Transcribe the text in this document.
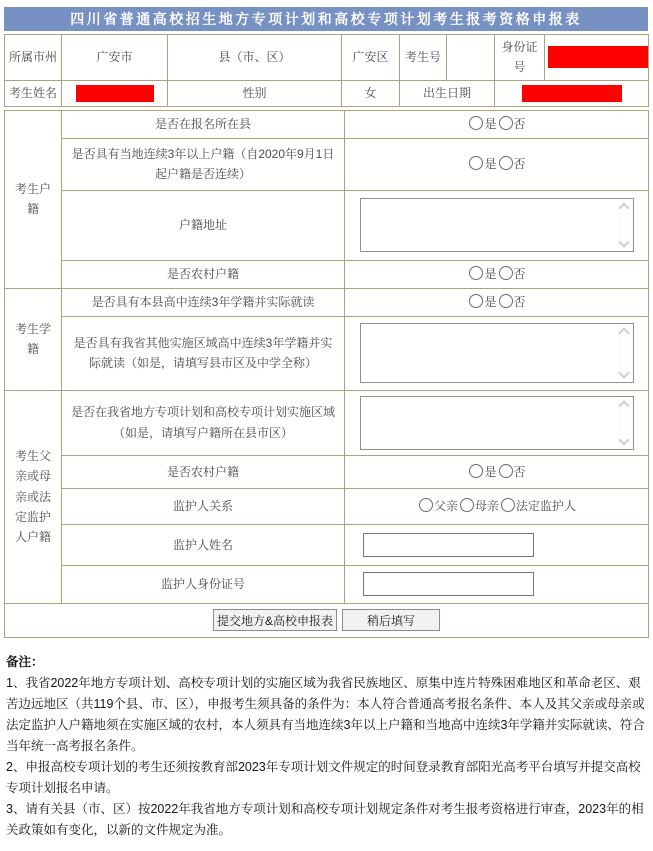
四川省普通高校招生地方专项计划和高校专项计划考生报考资格申报表
所属市州	广安市	县（市、区）	广安区	考生号		身份证号	
考生姓名		性别	女	出生日期			
考生户籍	是否在报名所在县	是 否
	是否具有当地连续3年以上户籍（自2020年9月1日起户籍是否连续）	是 否
	户籍地址	

	是否农村户籍	是 否
考生学籍	是否具有本县高中连续3年学籍并实际就读	是 否
	是否具有我省其他实施区域高中连续3年学籍并实际就读（如是，请填写县市区及中学全称）	

考生父亲或母亲或法定监护人户籍	是否在我省地方专项计划和高校专项计划实施区域（如是，请填写户籍所在县市区）	

	是否农村户籍	是 否
	监护人关系	父亲 母亲 法定监护人
	监护人姓名	

	监护人身份证号	

提交地方&高校申报表 稍后填写		
备注：
1、我省2022年地方专项计划、高校专项计划的实施区域为我省民族地区、原集中连片特殊困难地区和革命老区、艰苦边远地区（共119个县、市、区），申报考生须具备的条件为：本人符合普通高考报名条件、本人及其父亲或母亲或法定监护人户籍地须在实施区域的农村，本人须具有当地连续3年以上户籍和当地高中连续3年学籍并实际就读、符合当年统一高考报名条件。
2、申报高校专项计划的考生还须按教育部2023年专项计划文件规定的时间登录教育部阳光高考平台填写并提交高校专项计划报名申请。
3、请有关县（市、区）按2022年我省地方专项计划和高校专项计划规定条件对考生报考资格进行审查，2023年的相关政策如有变化，以新的文件规定为准。
